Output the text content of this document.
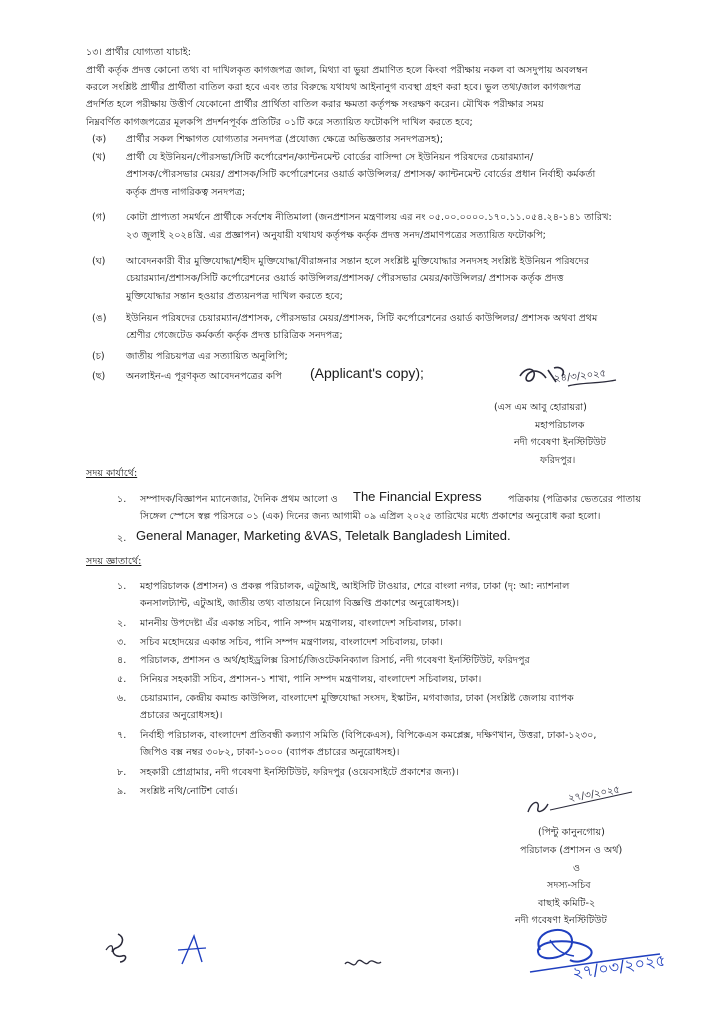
১৩। প্রার্থীর যোগ্যতা যাচাই:
প্রার্থী কর্তৃক প্রদত্ত কোনো তথ্য বা দাখিলকৃত কাগজপত্র জাল, মিথ্যা বা ভুয়া প্রমাণিত হলে কিংবা পরীক্ষায় নকল বা অসদুপায় অবলম্বন
করলে সংশ্লিষ্ট প্রার্থীর প্রার্থীতা বাতিল করা হবে এবং তার বিরুদ্ধে যথাযথ আইনানুগ ব্যবস্থা গ্রহণ করা হবে। ভুল তথ্য/জাল কাগজপত্র
প্রদর্শিত হলে পরীক্ষায় উত্তীর্ণ যেকোনো প্রার্থীর প্রার্থিতা বাতিল করার ক্ষমতা কর্তৃপক্ষ সংরক্ষণ করেন। মৌখিক পরীক্ষার সময়
নিম্নবর্ণিত কাগজপত্রের মূলকপি প্রদর্শনপূর্বক প্রতিটির ০১টি করে সত্যায়িত ফটোকপি দাখিল করতে হবে;
(ক) প্রার্থীর সকল শিক্ষাগত যোগ্যতার সনদপত্র (প্রযোজ্য ক্ষেত্রে অভিজ্ঞতার সনদপত্রসহ);
(খ) প্রার্থী যে ইউনিয়ন/পৌরসভা/সিটি কর্পোরেশন/ক্যান্টনমেন্ট বোর্ডের বাসিন্দা সে ইউনিয়ন পরিষদের চেয়ারম্যান/
প্রশাসক/পৌরসভার মেয়র/ প্রশাসক/সিটি কর্পোরেশনের ওয়ার্ড কাউন্সিলর/ প্রশাসক/ ক্যান্টনমেন্ট বোর্ডের প্রধান নির্বাহী কর্মকর্তা
কর্তৃক প্রদত্ত নাগরিকত্ব সনদপত্র;
(গ) কোটা প্রাপ্যতা সমর্থনে প্রার্থীকে সর্বশেষ নীতিমালা (জনপ্রশাসন মন্ত্রণালয় এর নং ০৫.০০.০০০০.১৭০.১১.০৫৪.২৪-১৪১ তারিখ:
২৩ জুলাই ২০২৪খ্রি. এর প্রজ্ঞাপন) অনুযায়ী যথাযথ কর্তৃপক্ষ কর্তৃক প্রদত্ত সনদ/প্রমাণপত্রের সত্যায়িত ফটোকপি;
(ঘ) আবেদনকারী বীর মুক্তিযোদ্ধা/শহীদ মুক্তিযোদ্ধা/বীরাঙ্গনার সন্তান হলে সংশ্লিষ্ট মুক্তিযোদ্ধার সনদসহ সংশ্লিষ্ট ইউনিয়ন পরিষদের
চেয়ারম্যান/প্রশাসক/সিটি কর্পোরেশনের ওয়ার্ড কাউন্সিলর/প্রশাসক/ পৌরসভার মেয়র/কাউন্সিলর/ প্রশাসক কর্তৃক প্রদত্ত
মুক্তিযোদ্ধার সন্তান হওয়ার প্রত্যয়নপত্র দাখিল করতে হবে;
(ঙ) ইউনিয়ন পরিষদের চেয়ারম্যান/প্রশাসক, পৌরসভার মেয়র/প্রশাসক, সিটি কর্পোরেশনের ওয়ার্ড কাউন্সিলর/ প্রশাসক অথবা প্রথম
শ্রেণীর গেজেটেড কর্মকর্তা কর্তৃক প্রদত্ত চারিত্রিক সনদপত্র;
(চ) জাতীয় পরিচয়পত্র এর সত্যায়িত অনুলিপি;
(ছ) অনলাইন-এ পূরণকৃত আবেদনপত্রের কপি (Applicant's copy);	২৪/৩/২০২৫
(এস এম আবু হোরায়রা)
মহাপরিচালক
নদী গবেষণা ইনস্টিটিউট
ফরিদপুর।
সদয় কার্যার্থে:
১. সম্পাদক/বিজ্ঞাপন ম্যানেজার, দৈনিক প্রথম আলো ও The Financial Express	পত্রিকায় (পত্রিকার ভেতরের পাতায়
সিঙ্গেল স্পেসে স্বল্প পরিসরে ০১ (এক) দিনের জন্য আগামী ০৯ এপ্রিল ২০২৫ তারিখের মধ্যে প্রকাশের অনুরোধ করা হলো।
২. General Manager, Marketing &VAS, Teletalk Bangladesh Limited.
সদয় জ্ঞাতার্থে:
১. মহাপরিচালক (প্রশাসন) ও প্রকল্প পরিচালক, এটুআই, আইসিটি টাওয়ার, শেরে বাংলা নগর, ঢাকা (দৃ: আ: ন্যাশনাল
কনসালট্যান্ট, এটুআই, জাতীয় তথ্য বাতায়নে নিয়োগ বিজ্ঞপ্তি প্রকাশের অনুরোধসহ)।
২. মাননীয় উপদেষ্টা এঁর একান্ত সচিব, পানি সম্পদ মন্ত্রণালয়, বাংলাদেশ সচিবালয়, ঢাকা।
৩. সচিব মহোদয়ের একান্ত সচিব, পানি সম্পদ মন্ত্রণালয়, বাংলাদেশ সচিবালয়, ঢাকা।
৪. পরিচালক, প্রশাসন ও অর্থ/হাইড্রলিক্স রিসার্চ/জিওটেকনিক্যাল রিসার্চ, নদী গবেষণা ইনস্টিটিউট, ফরিদপুর
৫. সিনিয়র সহকারী সচিব, প্রশাসন-১ শাখা, পানি সম্পদ মন্ত্রণালয়, বাংলাদেশ সচিবালয়, ঢাকা।
৬. চেয়ারম্যান, কেন্দ্রীয় কমান্ড কাউন্সিল, বাংলাদেশ মুক্তিযোদ্ধা সংসদ, ইস্কাটন, মগবাজার, ঢাকা (সংশ্লিষ্ট জেলায় ব্যাপক
প্রচারের অনুরোধসহ)।
৭. নির্বাহী পরিচালক, বাংলাদেশ প্রতিবন্ধী কল্যাণ সমিতি (বিপিকেএস), বিপিকেএস কমপ্লেক্স, দক্ষিণখান, উত্তরা, ঢাকা-১২৩০,
জিপিও বক্স নম্বর ৩০৮২, ঢাকা-১০০০ (ব্যাপক প্রচারের অনুরোধসহ)।
৮. সহকারী প্রোগ্রামার, নদী গবেষণা ইনস্টিটিউট, ফরিদপুর (ওয়েবসাইটে প্রকাশের জন্য)।
৯. সংশ্লিষ্ট নথি/নোটিশ বোর্ড।	২৭/৩/২০২৫
(পিন্টু কানুনগোয়)
পরিচালক (প্রশাসন ও অর্থ)
ও
সদস্য-সচিব
বাছাই কমিটি-২
নদী গবেষণা ইনস্টিটিউট
২৭/০৩/২০২৫
